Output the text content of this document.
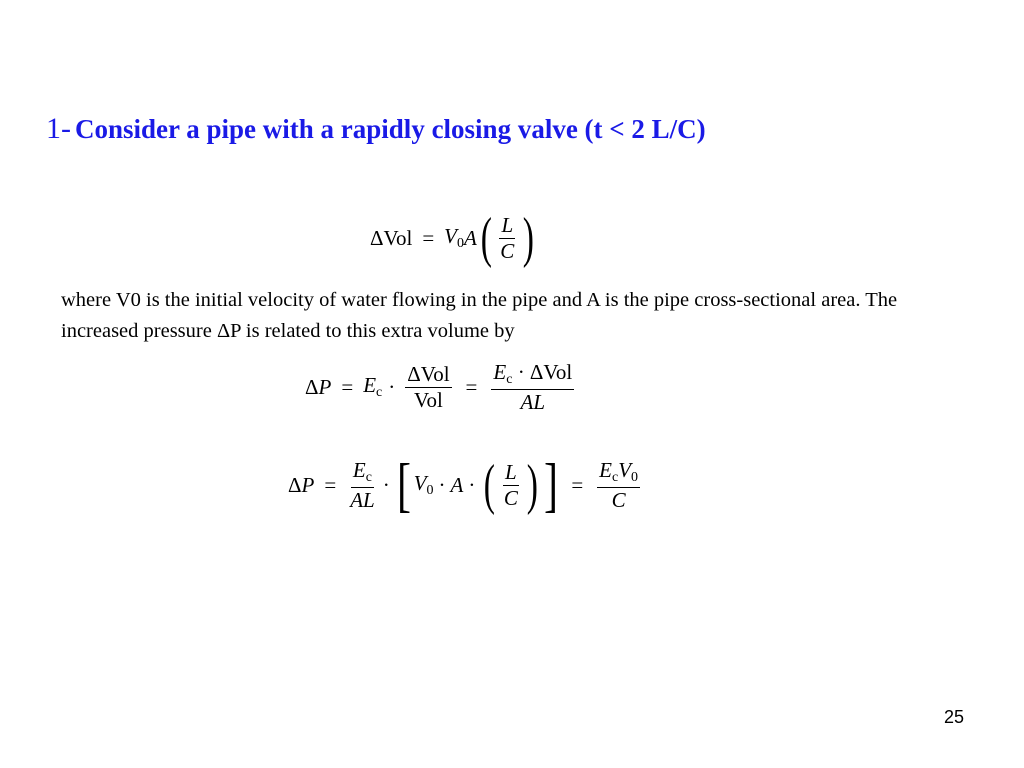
1- Consider a pipe with a rapidly closing valve (t < 2 L/C)
$\Delta Vol = V_0$ A ( $\frac{L}{C}$ )
where V0 is the initial velocity of water flowing in the pipe and A is the pipe cross-sectional area. The increased pressure ΔP is related to this extra volume by
$\Delta P = E_c \cdot \frac{\text{ΔVol}}{\text{Vol}} = \frac{E_c \cdot \Delta Vol}{AL}$
$\Delta P = \frac{E_c}{AL}$ · [ $V_0 \cdot A$ · ( $\frac{L}{C}$ ) ] = $\frac{E_cV_0}{C}$
25
